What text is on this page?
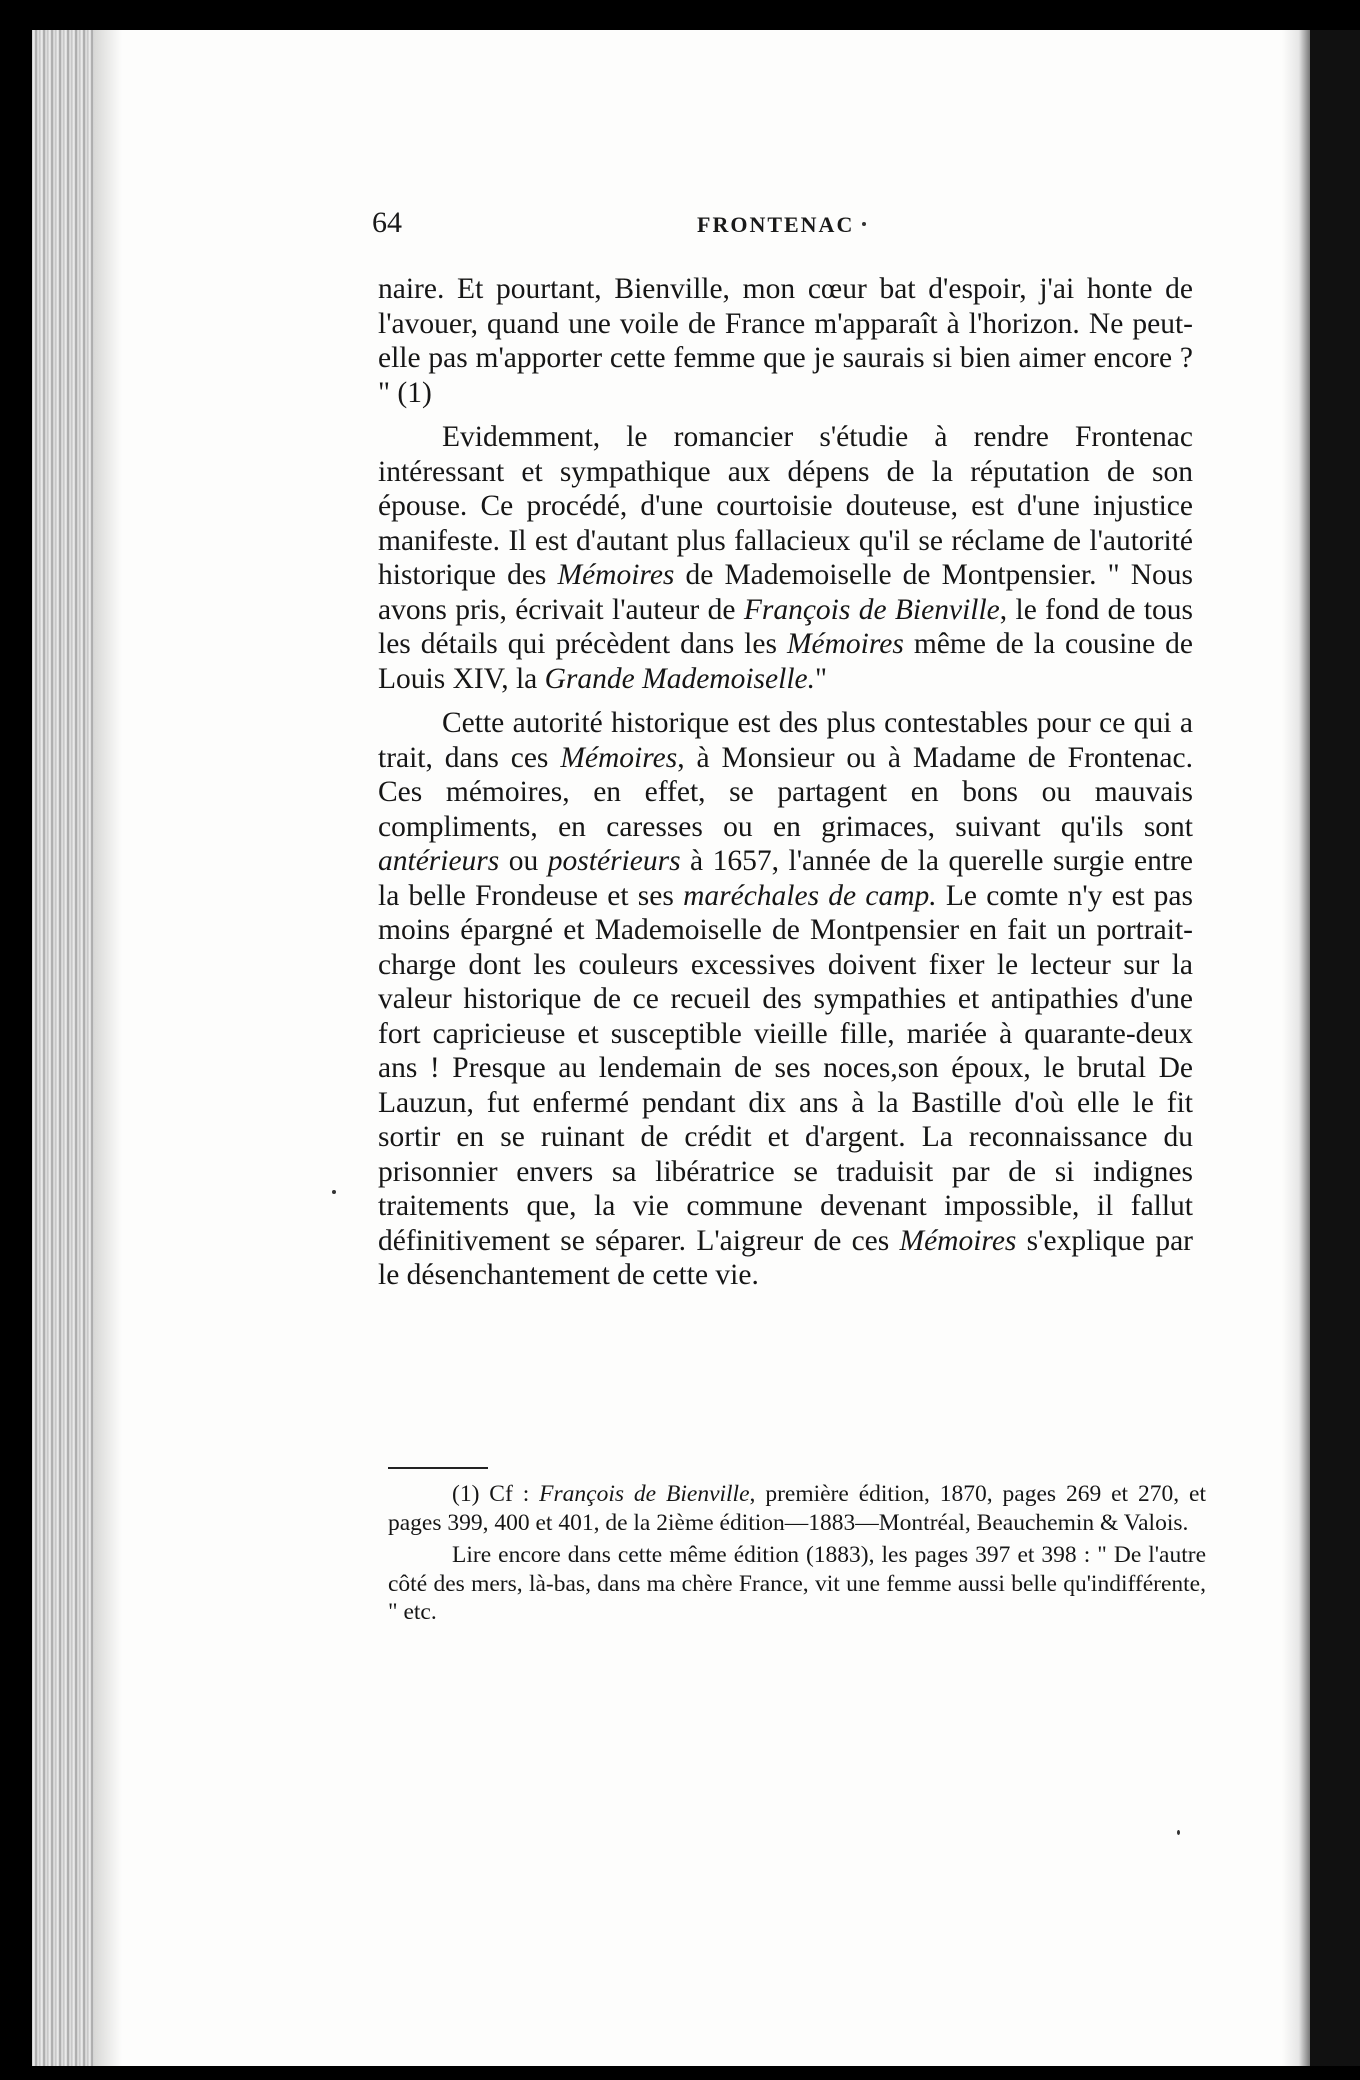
64	FRONTENAC

naire. Et pourtant, Bienville, mon cœur bat d'espoir, j'ai honte de l'avouer, quand une voile de France m'apparaît à l'horizon. Ne peut-elle pas m'apporter cette femme que je saurais si bien aimer encore ? " (1)

Evidemment, le romancier s'étudie à rendre Frontenac intéressant et sympathique aux dépens de la réputation de son épouse. Ce procédé, d'une courtoisie douteuse, est d'une injustice manifeste. Il est d'autant plus fallacieux qu'il se réclame de l'autorité historique des Mémoires de Mademoiselle de Montpensier. " Nous avons pris, écrivait l'auteur de François de Bienville, le fond de tous les détails qui précèdent dans les Mémoires même de la cousine de Louis XIV, la Grande Mademoiselle."

Cette autorité historique est des plus contestables pour ce qui a trait, dans ces Mémoires, à Monsieur ou à Madame de Frontenac. Ces mémoires, en effet, se partagent en bons ou mauvais compliments, en caresses ou en grimaces, suivant qu'ils sont antérieurs ou postérieurs à 1657, l'année de la querelle surgie entre la belle Frondeuse et ses maréchales de camp. Le comte n'y est pas moins épargné et Mademoiselle de Montpensier en fait un portrait-charge dont les couleurs excessives doivent fixer le lecteur sur la valeur historique de ce recueil des sympathies et antipathies d'une fort capricieuse et susceptible vieille fille, mariée à quarante-deux ans ! Presque au lendemain de ses noces,son époux, le brutal De Lauzun, fut enfermé pendant dix ans à la Bastille d'où elle le fit sortir en se ruinant de crédit et d'argent. La reconnaissance du prisonnier envers sa libératrice se traduisit par de si indignes traitements que, la vie commune devenant impossible, il fallut définitivement se séparer. L'aigreur de ces Mémoires s'explique par le désenchantement de cette vie.

(1) Cf : François de Bienville, première édition, 1870, pages 269 et 270, et pages 399, 400 et 401, de la 2ième édition—1883—Montréal, Beauchemin & Valois.

Lire encore dans cette même édition (1883), les pages 397 et 398 : " De l'autre côté des mers, là-bas, dans ma chère France, vit une femme aussi belle qu'indifférente, " etc.
